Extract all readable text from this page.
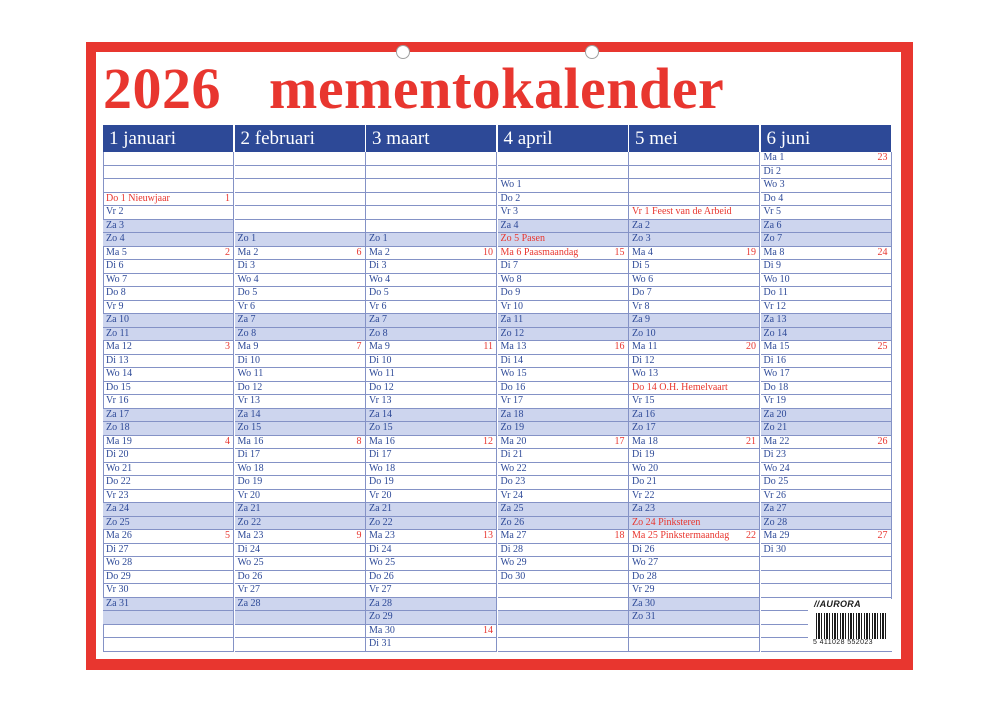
2026 mementokalender
1 januari
Do 1 Nieuwjaar	1
Vr 2
Za 3
Zo 4
Ma 5	2
Di 6
Wo 7
Do 8
Vr 9
Za 10
Zo 11
Ma 12	3
Di 13
Wo 14
Do 15
Vr 16
Za 17
Zo 18
Ma 19	4
Di 20
Wo 21
Do 22
Vr 23
Za 24
Zo 25
Ma 26	5
Di 27
Wo 28
Do 29
Vr 30
Za 31
2 februari
Zo 1
Ma 2	6
Di 3
Wo 4
Do 5
Vr 6
Za 7
Zo 8
Ma 9	7
Di 10
Wo 11
Do 12
Vr 13
Za 14
Zo 15
Ma 16	8
Di 17
Wo 18
Do 19
Vr 20
Za 21
Zo 22
Ma 23	9
Di 24
Wo 25
Do 26
Vr 27
Za 28
3 maart
Zo 1
Ma 2	10
Di 3
Wo 4
Do 5
Vr 6
Za 7
Zo 8
Ma 9	11
Di 10
Wo 11
Do 12
Vr 13
Za 14
Zo 15
Ma 16	12
Di 17
Wo 18
Do 19
Vr 20
Za 21
Zo 22
Ma 23	13
Di 24
Wo 25
Do 26
Vr 27
Za 28
Zo 29
Ma 30	14
Di 31
4 april
Wo 1
Do 2
Vr 3
Za 4
Zo 5 Pasen
Ma 6 Paasmaandag	15
Di 7
Wo 8
Do 9
Vr 10
Za 11
Zo 12
Ma 13	16
Di 14
Wo 15
Do 16
Vr 17
Za 18
Zo 19
Ma 20	17
Di 21
Wo 22
Do 23
Vr 24
Za 25
Zo 26
Ma 27	18
Di 28
Wo 29
Do 30
5 mei
Vr 1 Feest van de Arbeid
Za 2
Zo 3
Ma 4	19
Di 5
Wo 6
Do 7
Vr 8
Za 9
Zo 10
Ma 11	20
Di 12
Wo 13
Do 14 O.H. Hemelvaart
Vr 15
Za 16
Zo 17
Ma 18	21
Di 19
Wo 20
Do 21
Vr 22
Za 23
Zo 24 Pinksteren
Ma 25 Pinkstermaandag 22
Di 26
Wo 27
Do 28
Vr 29
Za 30
Zo 31
6 juni
Ma 1	23
Di 2
Wo 3
Do 4
Vr 5
Za 6
Zo 7
Ma 8	24
Di 9
Wo 10
Do 11
Vr 12
Za 13
Zo 14
Ma 15	25
Di 16
Wo 17
Do 18
Vr 19
Za 20
Zo 21
Ma 22	26
Di 23
Wo 24
Do 25
Vr 26
Za 27
Zo 28
Ma 29	27
Di 30
//AURORA
5 411028 552023
